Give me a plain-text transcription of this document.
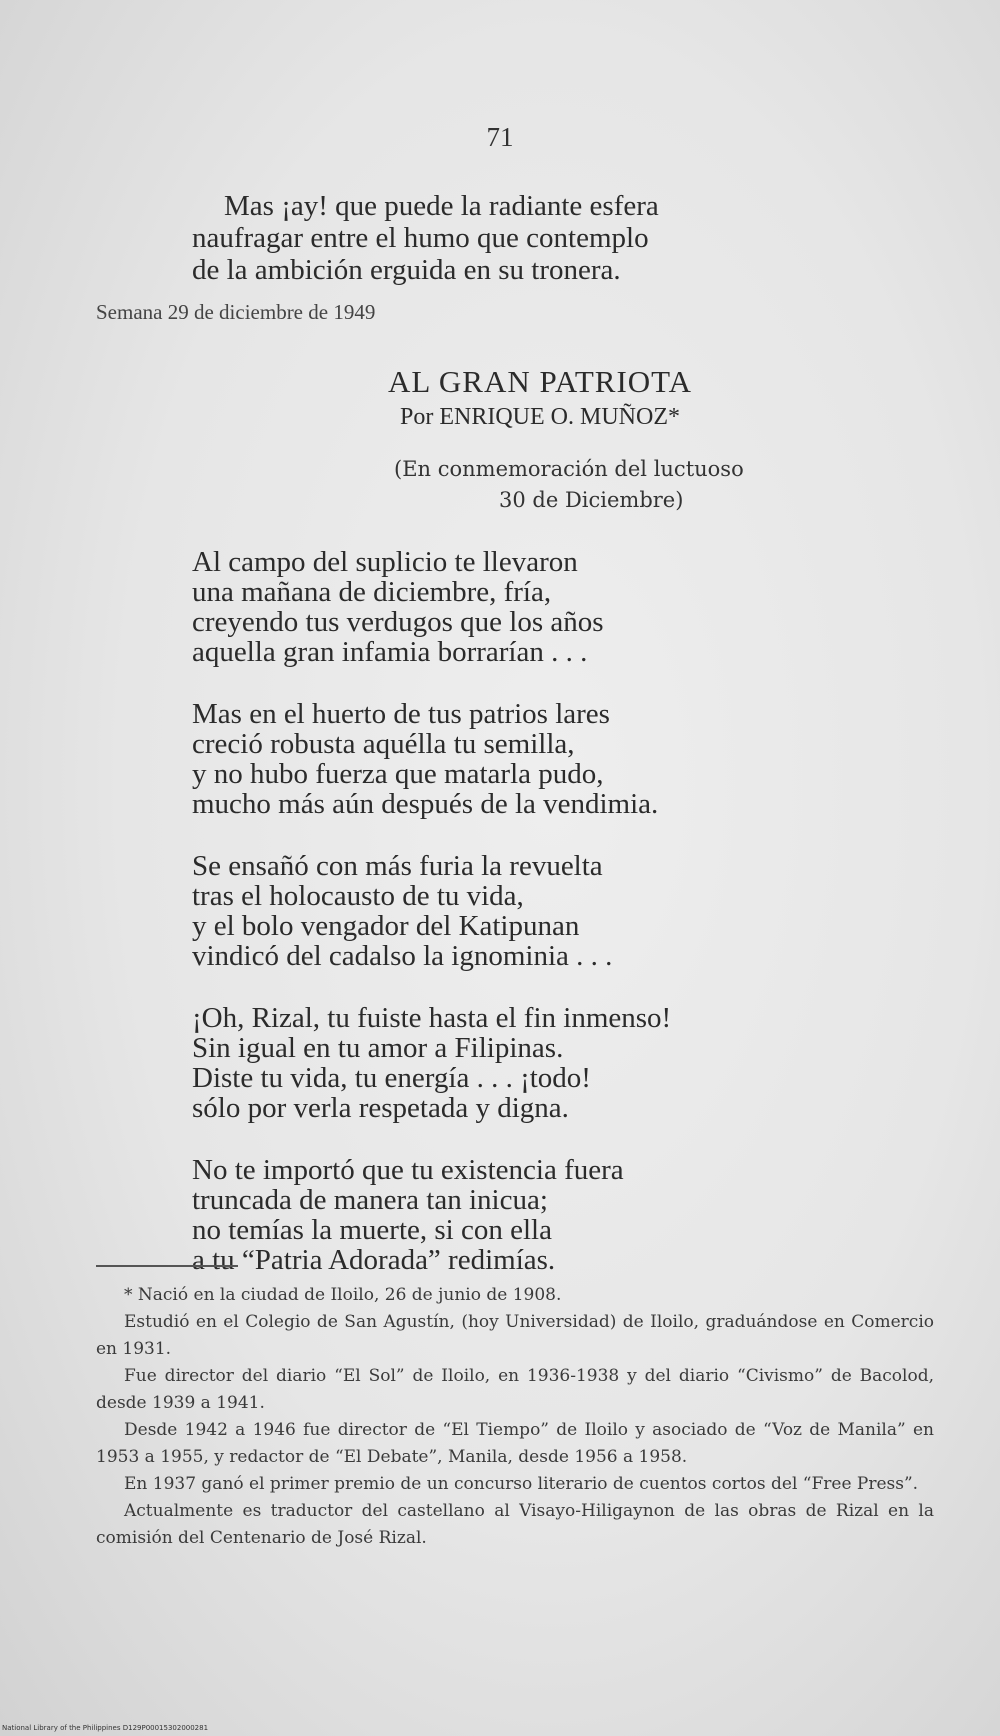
71
Mas ¡ay! que puede la radiante esfera
naufragar entre el humo que contemplo
de la ambición erguida en su tronera.
Semana 29 de diciembre de 1949
AL GRAN PATRIOTA
Por ENRIQUE O. MUÑOZ*
(En conmemoración del luctuoso
30 de Diciembre)
Al campo del suplicio te llevaron
una mañana de diciembre, fría,
creyendo tus verdugos que los años
aquella gran infamia borrarían . . .
Mas en el huerto de tus patrios lares
creció robusta aquélla tu semilla,
y no hubo fuerza que matarla pudo,
mucho más aún después de la vendimia.
Se ensañó con más furia la revuelta
tras el holocausto de tu vida,
y el bolo vengador del Katipunan
vindicó del cadalso la ignominia . . .
¡Oh, Rizal, tu fuiste hasta el fin inmenso!
Sin igual en tu amor a Filipinas.
Diste tu vida, tu energía . . . ¡todo!
sólo por verla respetada y digna.
No te importó que tu existencia fuera
truncada de manera tan inicua;
no temías la muerte, si con ella
a tu “Patria Adorada” redimías.

* Nació en la ciudad de Iloilo, 26 de junio de 1908.

Estudió en el Colegio de San Agustín, (hoy Universidad) de Iloilo, graduándose en Comercio en 1931.

Fue director del diario “El Sol” de Iloilo, en 1936-1938 y del diario “Civismo” de Bacolod, desde 1939 a 1941.

Desde 1942 a 1946 fue director de “El Tiempo” de Iloilo y asociado de “Voz de Manila” en 1953 a 1955, y redactor de “El Debate”, Manila, desde 1956 a 1958.

En 1937 ganó el primer premio de un concurso literario de cuentos cortos del “Free Press”.

Actualmente es traductor del castellano al Visayo-Hiligaynon de las obras de Rizal en la comisión del Centenario de José Rizal.

National Library of the Philippines D129P00015302000281
